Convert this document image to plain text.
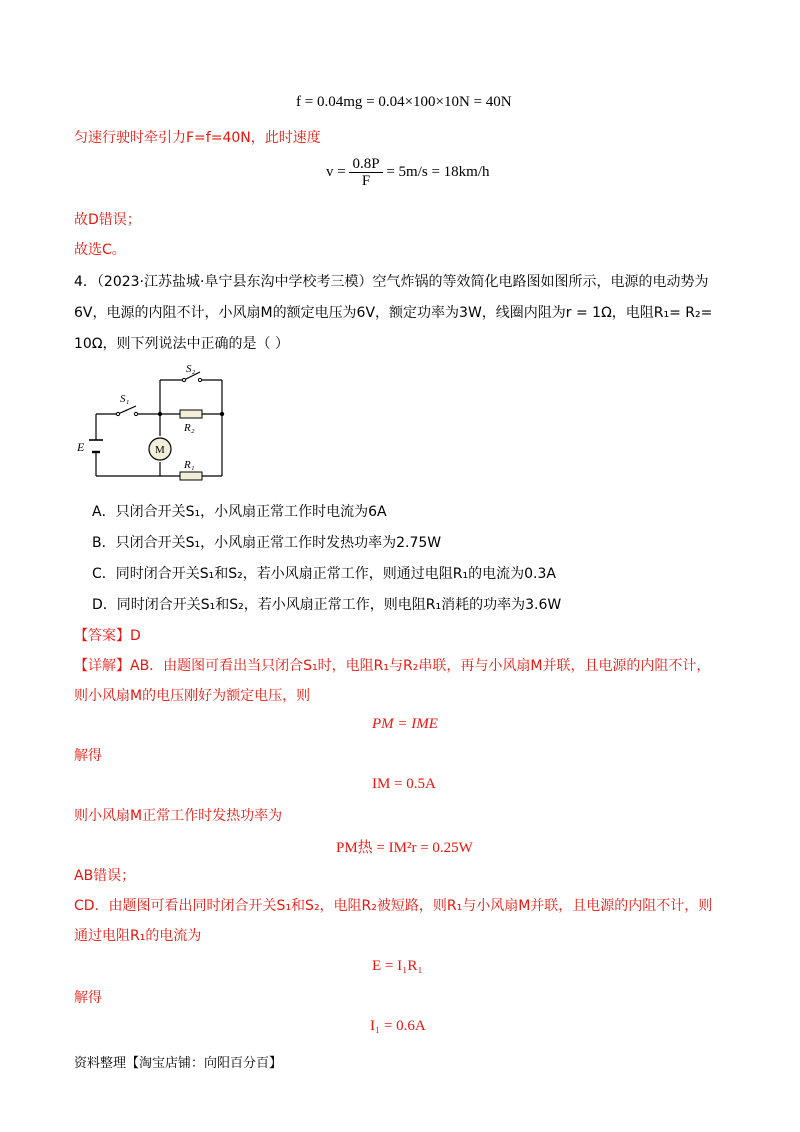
f = 0.04mg = 0.04×100×10N = 40N
匀速行驶时牵引力F=f=40N，此时速度
$v = \frac{0.8P}{F} = 5m/s = 18km/h$
故D错误；
故选C。
4．（2023·江苏盐城·阜宁县东沟中学校考三模）空气炸锅的等效简化电路图如图所示，电源的电动势为
6V，电源的内阻不计，小风扇M的额定电压为6V，额定功率为3W，线圈内阻为r = 1Ω，电阻R₁= R₂=
10Ω，则下列说法中正确的是（ ）
S₁
S₂
R₂
R₁
E	M
A．只闭合开关S₁，小风扇正常工作时电流为6A
B．只闭合开关S₁，小风扇正常工作时发热功率为2.75W
C．同时闭合开关S₁和S₂，若小风扇正常工作，则通过电阻R₁的电流为0.3A
D．同时闭合开关S₁和S₂，若小风扇正常工作，则电阻R₁消耗的功率为3.6W
【答案】D
【详解】AB．由题图可看出当只闭合S₁时，电阻R₁与R₂串联，再与小风扇M并联，且电源的内阻不计，
则小风扇M的电压刚好为额定电压，则
PM = IME
解得
IM = 0.5A
则小风扇M正常工作时发热功率为
PM热 = IM²r = 0.25W
AB错误；
CD．由题图可看出同时闭合开关S₁和S₂，电阻R₂被短路，则R₁与小风扇M并联，且电源的内阻不计，则
通过电阻R₁的电流为
E = I₁R₁
解得
I₁ = 0.6A
资料整理【淘宝店铺：向阳百分百】
